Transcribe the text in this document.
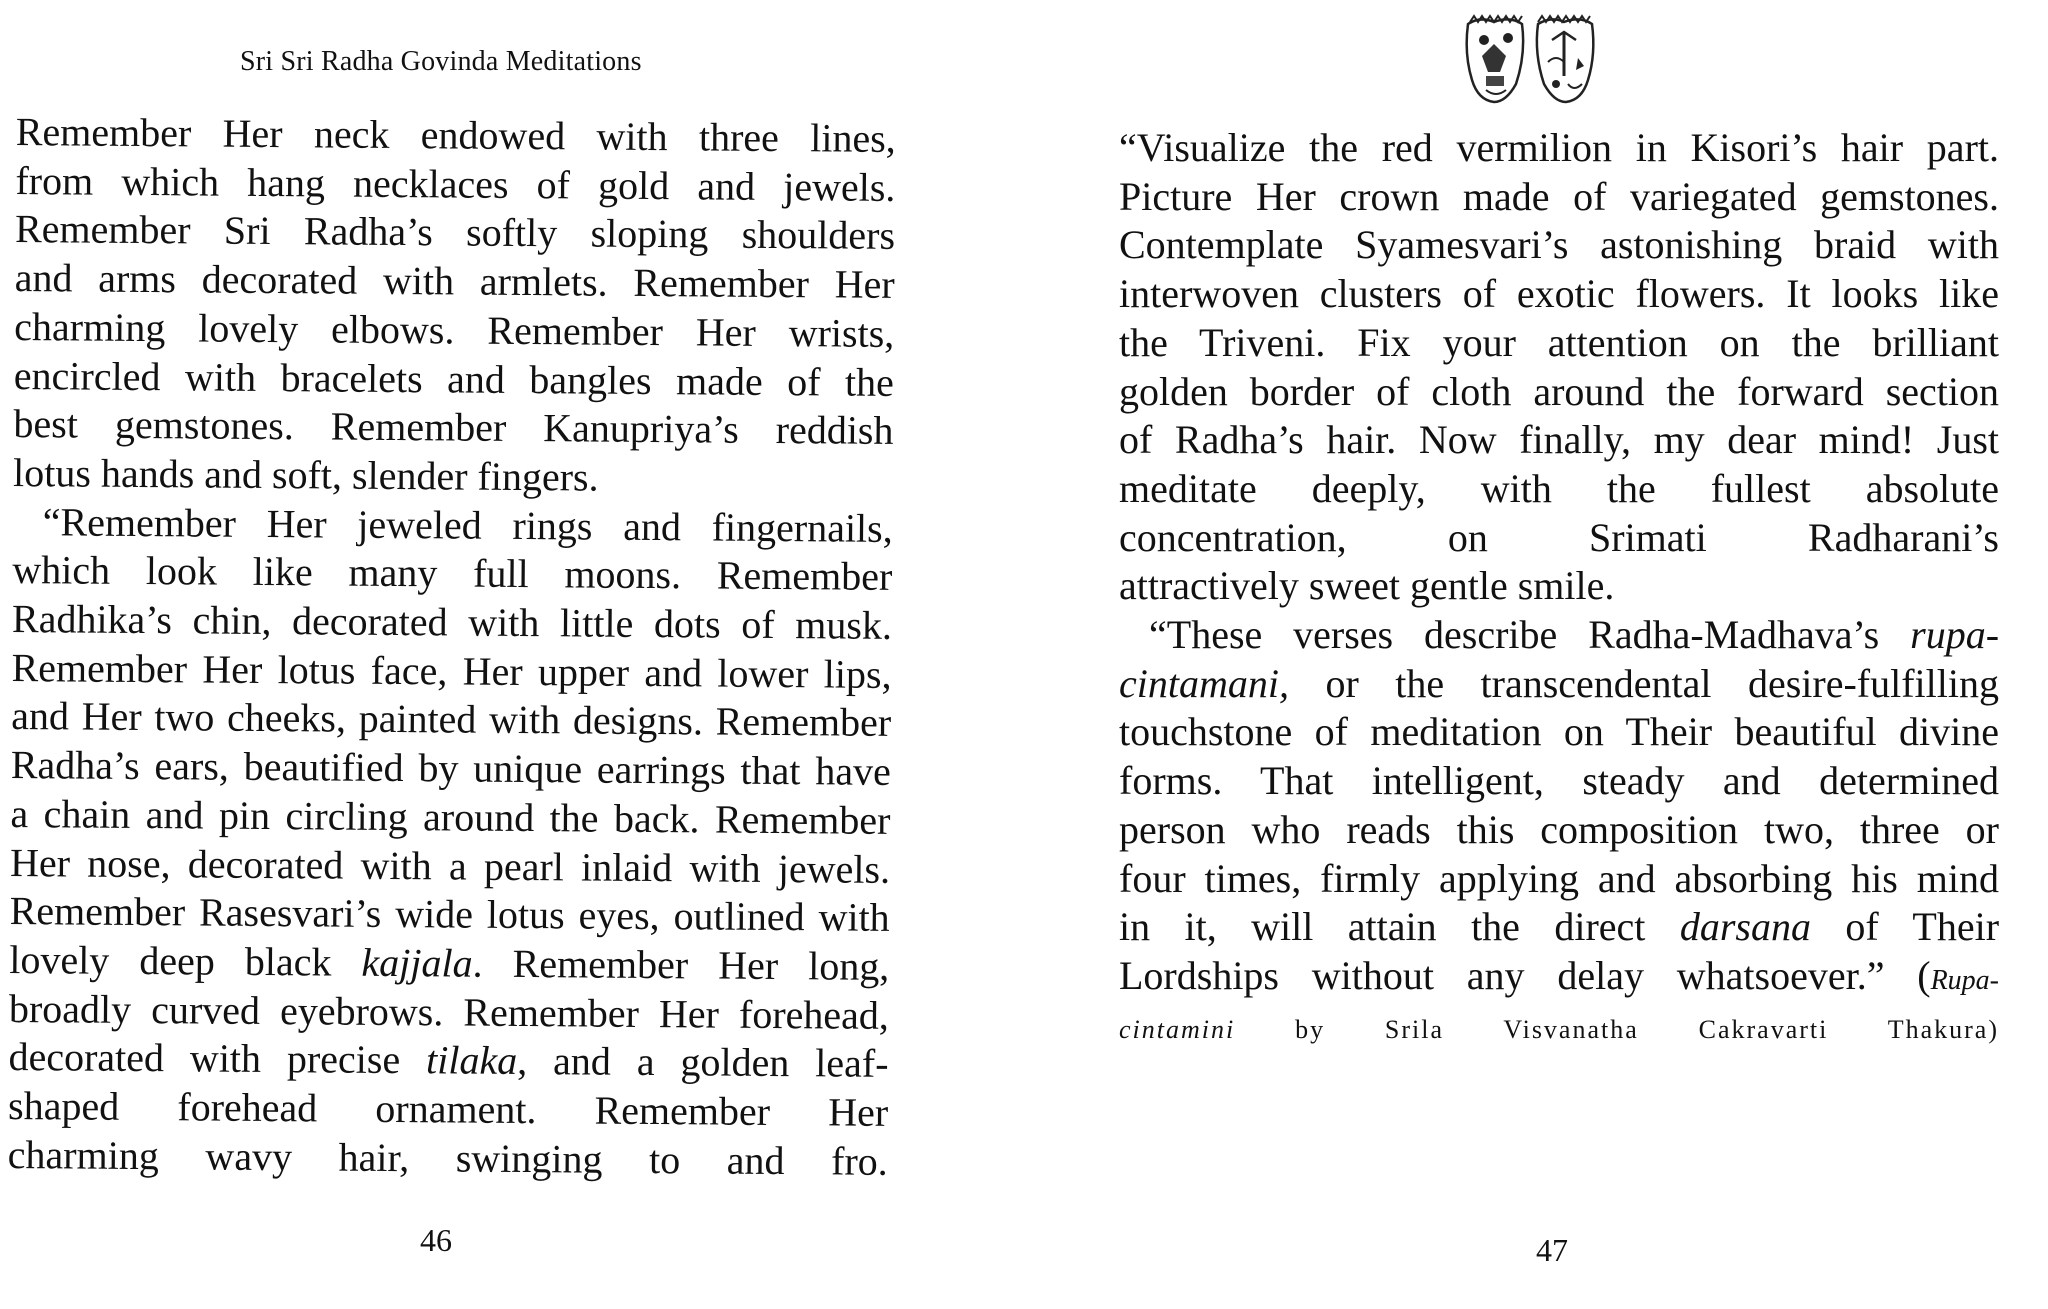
Sri Sri Radha Govinda Meditations
Remember Her neck endowed with three lines,
from which hang necklaces of gold and jewels.
Remember Sri Radha’s softly sloping shoulders
and arms decorated with armlets. Remember Her
charming lovely elbows. Remember Her wrists,
encircled with bracelets and bangles made of the
best gemstones. Remember Kanupriya’s reddish
lotus hands and soft, slender fingers.
“Remember Her jeweled rings and fingernails,
which look like many full moons. Remember
Radhika’s chin, decorated with little dots of musk.
Remember Her lotus face, Her upper and lower lips,
and Her two cheeks, painted with designs. Remember
Radha’s ears, beautified by unique earrings that have
a chain and pin circling around the back. Remember
Her nose, decorated with a pearl inlaid with jewels.
Remember Rasesvari’s wide lotus eyes, outlined with
lovely deep black kajjala. Remember Her long,
broadly curved eyebrows. Remember Her forehead,
decorated with precise tilaka, and a golden leaf-
shaped forehead ornament. Remember Her
charming wavy hair, swinging to and fro.
46
“Visualize the red vermilion in Kisori’s hair part.
Picture Her crown made of variegated gemstones.
Contemplate Syamesvari’s astonishing braid with
interwoven clusters of exotic flowers. It looks like
the Triveni. Fix your attention on the brilliant
golden border of cloth around the forward section
of Radha’s hair. Now finally, my dear mind! Just
meditate deeply, with the fullest absolute
concentration, on Srimati Radharani’s
attractively sweet gentle smile.
“These verses describe Radha-Madhava’s rupa-
cintamani, or the transcendental desire-fulfilling
touchstone of meditation on Their beautiful divine
forms. That intelligent, steady and determined
person who reads this composition two, three or
four times, firmly applying and absorbing his mind
in it, will attain the direct darsana of Their
Lordships without any delay whatsoever.” (Rupa-
cintamini by Srila Visvanatha Cakravarti Thakura)
47
